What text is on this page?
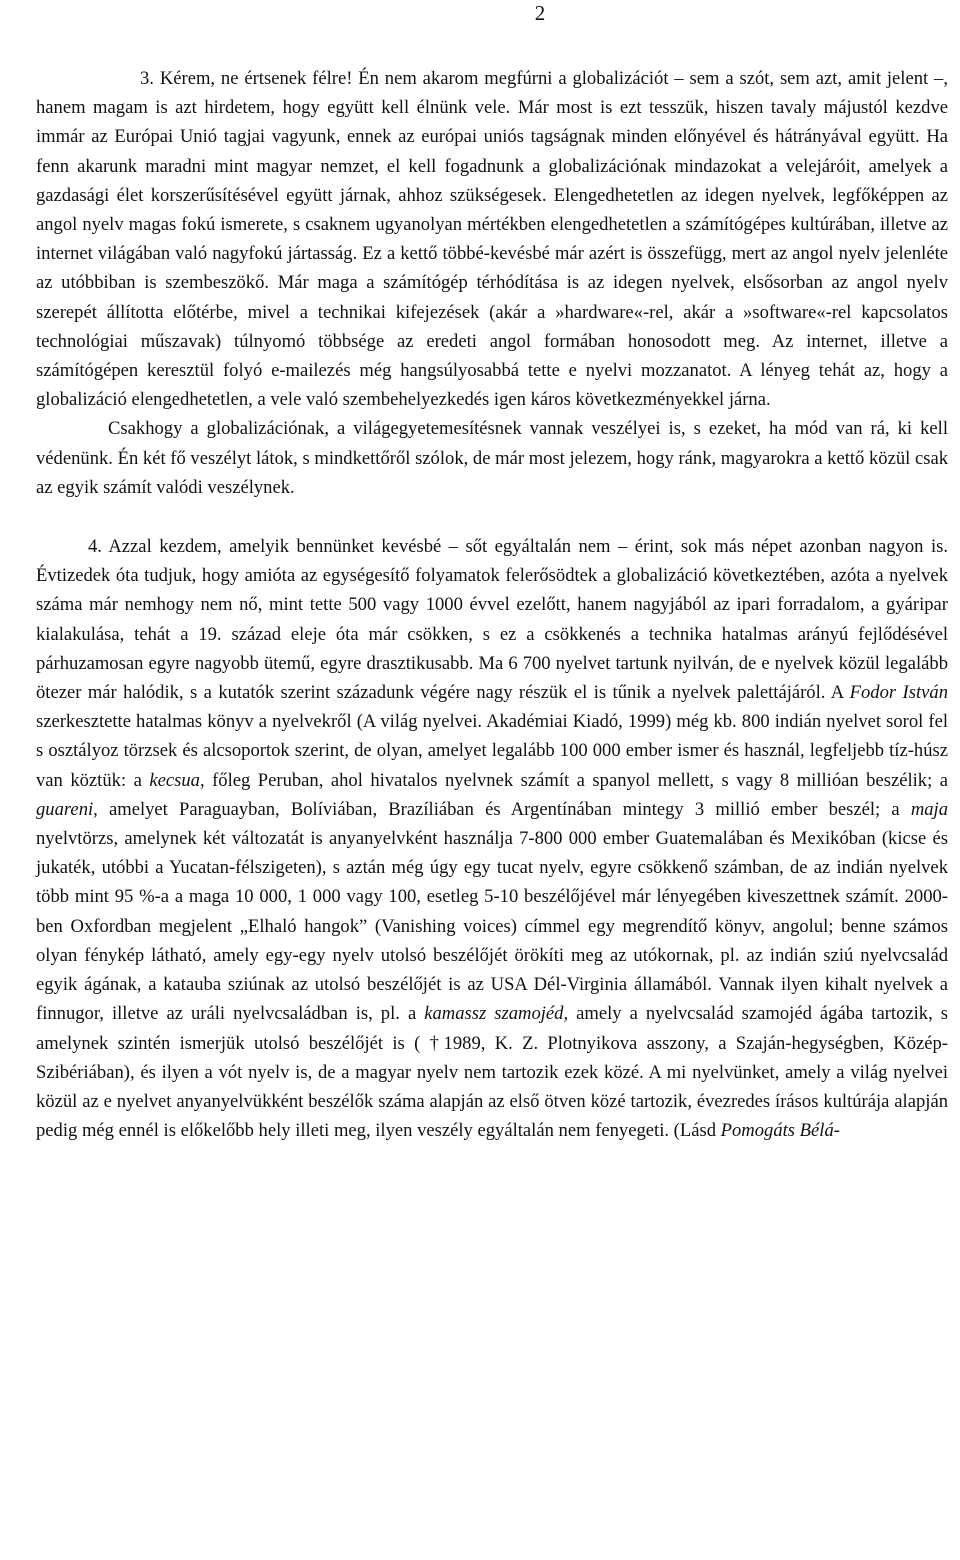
2

3. Kérem, ne értsenek félre! Én nem akarom megfúrni a globalizációt – sem a szót, sem azt, amit jelent –, hanem magam is azt hirdetem, hogy együtt kell élnünk vele. Már most is ezt tesszük, hiszen tavaly májustól kezdve immár az Európai Unió tagjai vagyunk, ennek az európai uniós tagságnak minden előnyével és hátrányával együtt. Ha fenn akarunk maradni mint magyar nemzet, el kell fogadnunk a globalizációnak mindazokat a velejáróit, amelyek a gazdasági élet korszerűsítésével együtt járnak, ahhoz szükségesek. Elengedhetetlen az idegen nyelvek, legfőképpen az angol nyelv magas fokú ismerete, s csaknem ugyanolyan mértékben elengedhetetlen a számítógépes kultúrában, illetve az internet világában való nagyfokú jártasság. Ez a kettő többé-kevésbé már azért is összefügg, mert az angol nyelv jelenléte az utóbbiban is szembeszökő. Már maga a számítógép térhódítása is az idegen nyelvek, elsősorban az angol nyelv szerepét állította előtérbe, mivel a technikai kifejezések (akár a »hardware«-rel, akár a »software«-rel kapcsolatos technológiai műszavak) túlnyomó többsége az eredeti angol formában honosodott meg. Az internet, illetve a számítógépen keresztül folyó e-mailezés még hangsúlyosabbá tette e nyelvi mozzanatot. A lényeg tehát az, hogy a globalizáció elengedhetetlen, a vele való szembehelyezkedés igen káros következményekkel járna.

Csakhogy a globalizációnak, a világegyetemesítésnek vannak veszélyei is, s ezeket, ha mód van rá, ki kell védenünk. Én két fő veszélyt látok, s mindkettőről szólok, de már most jelezem, hogy ránk, magyarokra a kettő közül csak az egyik számít valódi veszélynek.

4. Azzal kezdem, amelyik bennünket kevésbé – sőt egyáltalán nem – érint, sok más népet azonban nagyon is. Évtizedek óta tudjuk, hogy amióta az egységesítő folyamatok felerősödtek a globalizáció következtében, azóta a nyelvek száma már nemhogy nem nő, mint tette 500 vagy 1000 évvel ezelőtt, hanem nagyjából az ipari forradalom, a gyáripar kialakulása, tehát a 19. század eleje óta már csökken, s ez a csökkenés a technika hatalmas arányú fejlődésével párhuzamosan egyre nagyobb ütemű, egyre drasztikusabb. Ma 6 700 nyelvet tartunk nyilván, de e nyelvek közül legalább ötezer már halódik, s a kutatók szerint századunk végére nagy részük el is tűnik a nyelvek palettájáról. A Fodor István szerkesztette hatalmas könyv a nyelvekről (A világ nyelvei. Akadémiai Kiadó, 1999) még kb. 800 indián nyelvet sorol fel s osztályoz törzsek és alcsoportok szerint, de olyan, amelyet legalább 100 000 ember ismer és használ, legfeljebb tíz-húsz van köztük: a kecsua, főleg Peruban, ahol hivatalos nyelvnek számít a spanyol mellett, s vagy 8 millióan beszélik; a guareni, amelyet Paraguayban, Bolíviában, Brazíliában és Argentínában mintegy 3 millió ember beszél; a maja nyelvtörzs, amelynek két változatát is anyanyelvként használja 7-800 000 ember Guatemalában és Mexikóban (kicse és jukaték, utóbbi a Yucatan-félszigeten), s aztán még úgy egy tucat nyelv, egyre csökkenő számban, de az indián nyelvek több mint 95 %-a a maga 10 000, 1 000 vagy 100, esetleg 5-10 beszélőjével már lényegében kiveszettnek számít. 2000-ben Oxfordban megjelent „Elhaló hangok” (Vanishing voices) címmel egy megrendítő könyv, angolul; benne számos olyan fénykép látható, amely egy-egy nyelv utolsó beszélőjét örökíti meg az utókornak, pl. az indián sziú nyelvcsalád egyik ágának, a katauba sziúnak az utolsó beszélőjét is az USA Dél-Virginia államából. Vannak ilyen kihalt nyelvek a finnugor, illetve az uráli nyelvcsaládban is, pl. a kamassz szamojéd, amely a nyelvcsalád szamojéd ágába tartozik, s amelynek szintén ismerjük utolsó beszélőjét is ( †1989, K. Z. Plotnyikova asszony, a Szaján-hegységben, Közép-Szibériában), és ilyen a vót nyelv is, de a magyar nyelv nem tartozik ezek közé. A mi nyelvünket, amely a világ nyelvei közül az e nyelvet anyanyelvükként beszélők száma alapján az első ötven közé tartozik, évezredes írásos kultúrája alapján pedig még ennél is előkelőbb hely illeti meg, ilyen veszély egyáltalán nem fenyegeti. (Lásd Pomogáts Bélá-
